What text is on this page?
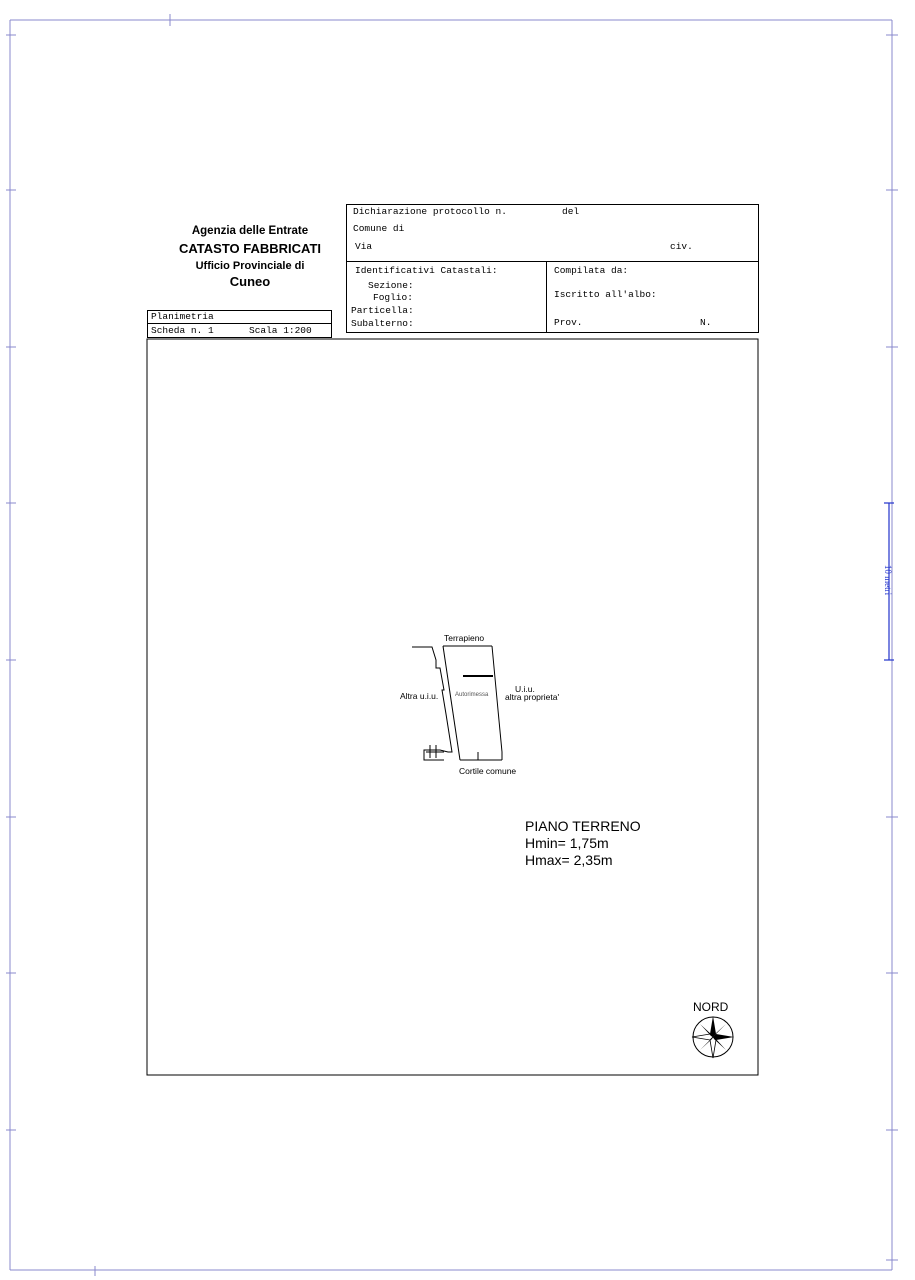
10 metri
Agenzia delle Entrate
CATASTO FABBRICATI
Ufficio Provinciale di
Cuneo
Planimetria
Scheda n. 1	Scala 1:200
Dichiarazione protocollo n.	del
Comune di
Via	civ.
Identificativi Catastali:
Sezione:
Foglio:
Particella:
Subalterno:
Compilata da:
Iscritto all'albo:
Prov.	N.
Terrapieno
Altra u.i.u.	Autorimessa
U.i.u.
altra proprieta'
Cortile comune
PIANO TERRENO
Hmin= 1,75m
Hmax= 2,35m
NORD
